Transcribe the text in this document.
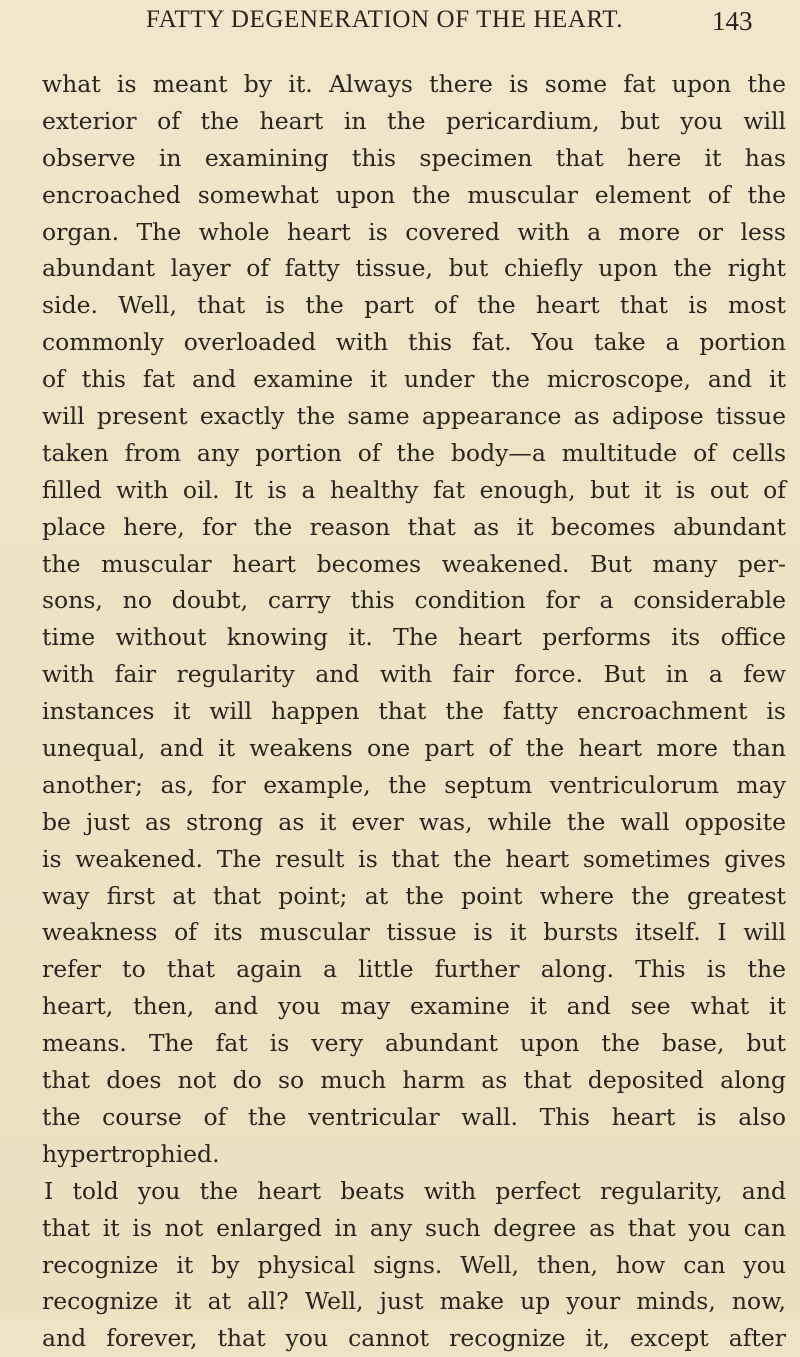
FATTY DEGENERATION OF THE HEART.	143
what is meant by it. Always there is some fat upon the
exterior of the heart in the pericardium, but you will
observe in examining this specimen that here it has
encroached somewhat upon the muscular element of the
organ. The whole heart is covered with a more or less
abundant layer of fatty tissue, but chiefly upon the right
side. Well, that is the part of the heart that is most
commonly overloaded with this fat. You take a portion
of this fat and examine it under the microscope, and it
will present exactly the same appearance as adipose tissue
taken from any portion of the body—a multitude of cells
filled with oil. It is a healthy fat enough, but it is out of
place here, for the reason that as it becomes abundant
the muscular heart becomes weakened. But many per-
sons, no doubt, carry this condition for a considerable
time without knowing it. The heart performs its office
with fair regularity and with fair force. But in a few
instances it will happen that the fatty encroachment is
unequal, and it weakens one part of the heart more than
another; as, for example, the septum ventriculorum may
be just as strong as it ever was, while the wall opposite
is weakened. The result is that the heart sometimes gives
way first at that point; at the point where the greatest
weakness of its muscular tissue is it bursts itself. I will
refer to that again a little further along. This is the
heart, then, and you may examine it and see what it
means. The fat is very abundant upon the base, but
that does not do so much harm as that deposited along
the course of the ventricular wall. This heart is also
hypertrophied.
I told you the heart beats with perfect regularity, and
that it is not enlarged in any such degree as that you can
recognize it by physical signs. Well, then, how can you
recognize it at all? Well, just make up your minds, now,
and forever, that you cannot recognize it, except after
